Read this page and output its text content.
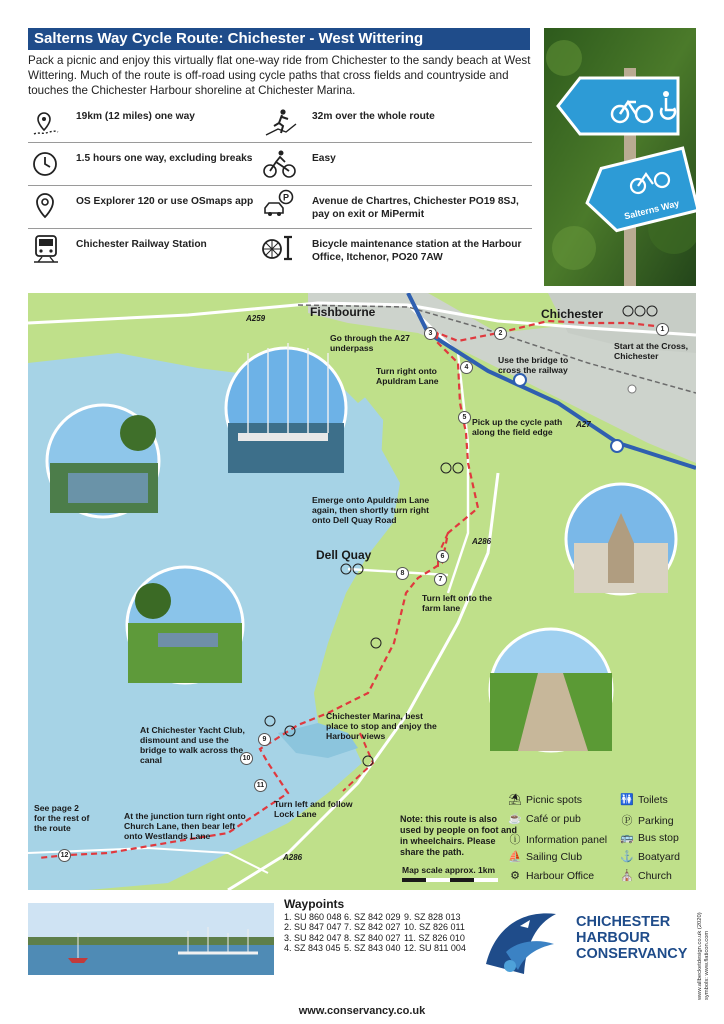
Salterns Way Cycle Route: Chichester - West Wittering
Pack a picnic and enjoy this virtually flat one-way ride from Chichester to the sandy beach at West Wittering. Much of the route is off-road using cycle paths that cross fields and countryside and touches the Chichester Harbour shoreline at Chichester Marina.
19km (12 miles) one way	32m over the whole route
1.5 hours one way, excluding breaks	Easy
OS Explorer 120 or use OSmaps app	P Avenue de Chartres, Chichester PO19 8SJ, pay on exit or MiPermit
Chichester Railway Station	Bicycle maintenance station at the Harbour Office, Itchenor, PO20 7AW
Salterns Way
Fishbourne	Chichester
Dell Quay
A259
A27
A286
A286
1
2
3
4
5
6
7
8
9
10
11
12
Start at the Cross, Chichester
Use the bridge to cross the railway
Go through the A27 underpass
Turn right onto Apuldram Lane
Pick up the cycle path along the field edge
Emerge onto Apuldram Lane again, then shortly turn right onto Dell Quay Road
Turn left onto the farm lane
Chichester Marina, best place to stop and enjoy the Harbour views
At Chichester Yacht Club, dismount and use the bridge to walk across the canal
Turn left and follow Lock Lane
At the junction turn right onto Church Lane, then bear left onto Westlands Lane
See page 2 for the rest of the route
Note: this route is also used by people on foot and in wheelchairs. Please share the path.
Map scale approx. 1km
⛱ Picnic spots	🚻 Toilets
☕ Café or pub	Ⓟ Parking
ⓘ Information panel 🚌 Bus stop
⛵ Sailing Club	⚓ Boatyard
⚙ Harbour Office ⛪ Church
Waypoints
1. SU 860 048 6. SZ 842 029 9. SZ 828 013
2. SU 847 047 7. SZ 842 027 10. SZ 826 011
3. SU 842 047 8. SZ 840 027 11. SZ 826 010
4. SZ 843 045 5. SZ 843 040 12. SU 811 004
CHICHESTER
HARBOUR
CONSERVANCY www.allbecketdesign.co.uk (2020) symbols: www.flaticon.com
www.conservancy.co.uk
